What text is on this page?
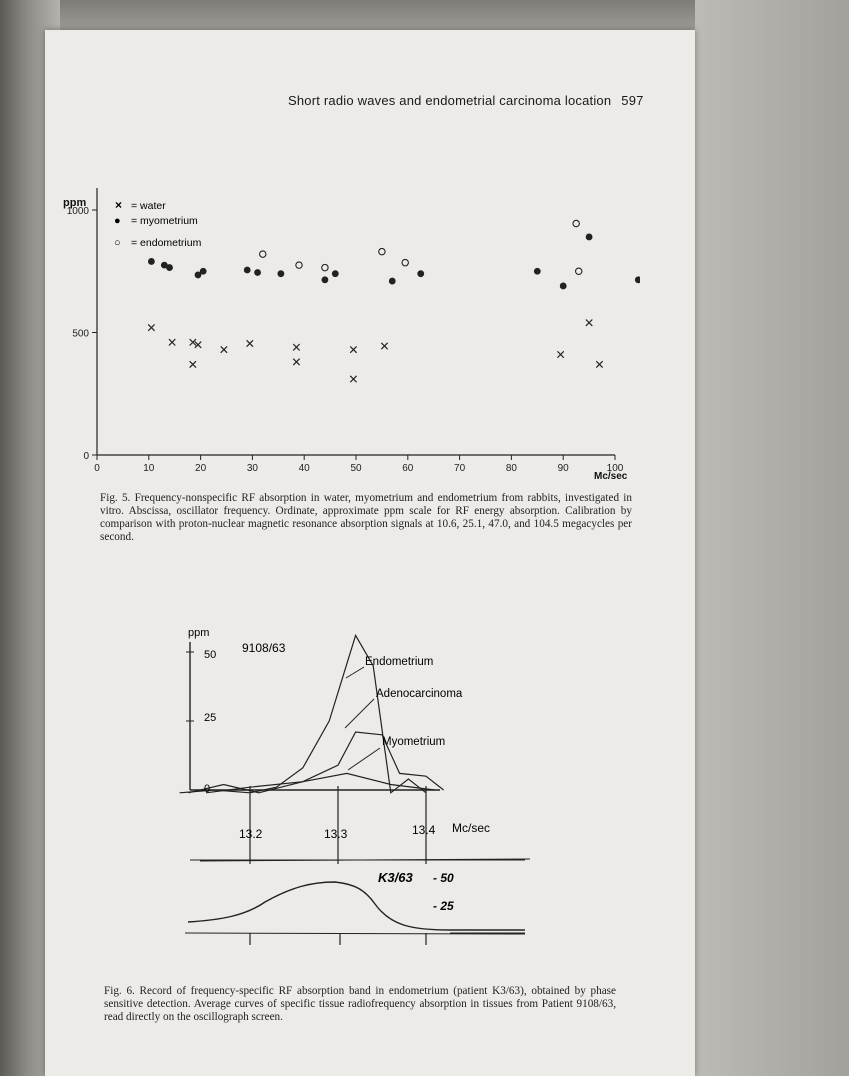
Short radio waves and endometrial carcinoma location 597
0	10	20	30	40	50	60	70	80	90	100
0
500
1000
ppm
Mc/sec
× = water
● = myometrium
○ = endometrium
Fig. 5. Frequency-nonspecific RF absorption in water, myometrium and endometrium from rabbits, investigated in vitro. Abscissa, oscillator frequency. Ordinate, approximate ppm scale for RF energy absorption. Calibration by comparison with proton-nuclear magnetic resonance absorption signals at 10.6, 25.1, 47.0, and 104.5 megacycles per second.
ppm
9108/63
50
25
0
13.2	13.3	13.4 Mc/sec
Endometrium
Adenocarcinoma
Myometrium
K3/63 - 50
- 25
Fig. 6. Record of frequency-specific RF absorption band in endometrium (patient K3/63), obtained by phase sensitive detection. Average curves of specific tissue radiofrequency absorption in tissues from Patient 9108/63, read directly on the oscillograph screen.
